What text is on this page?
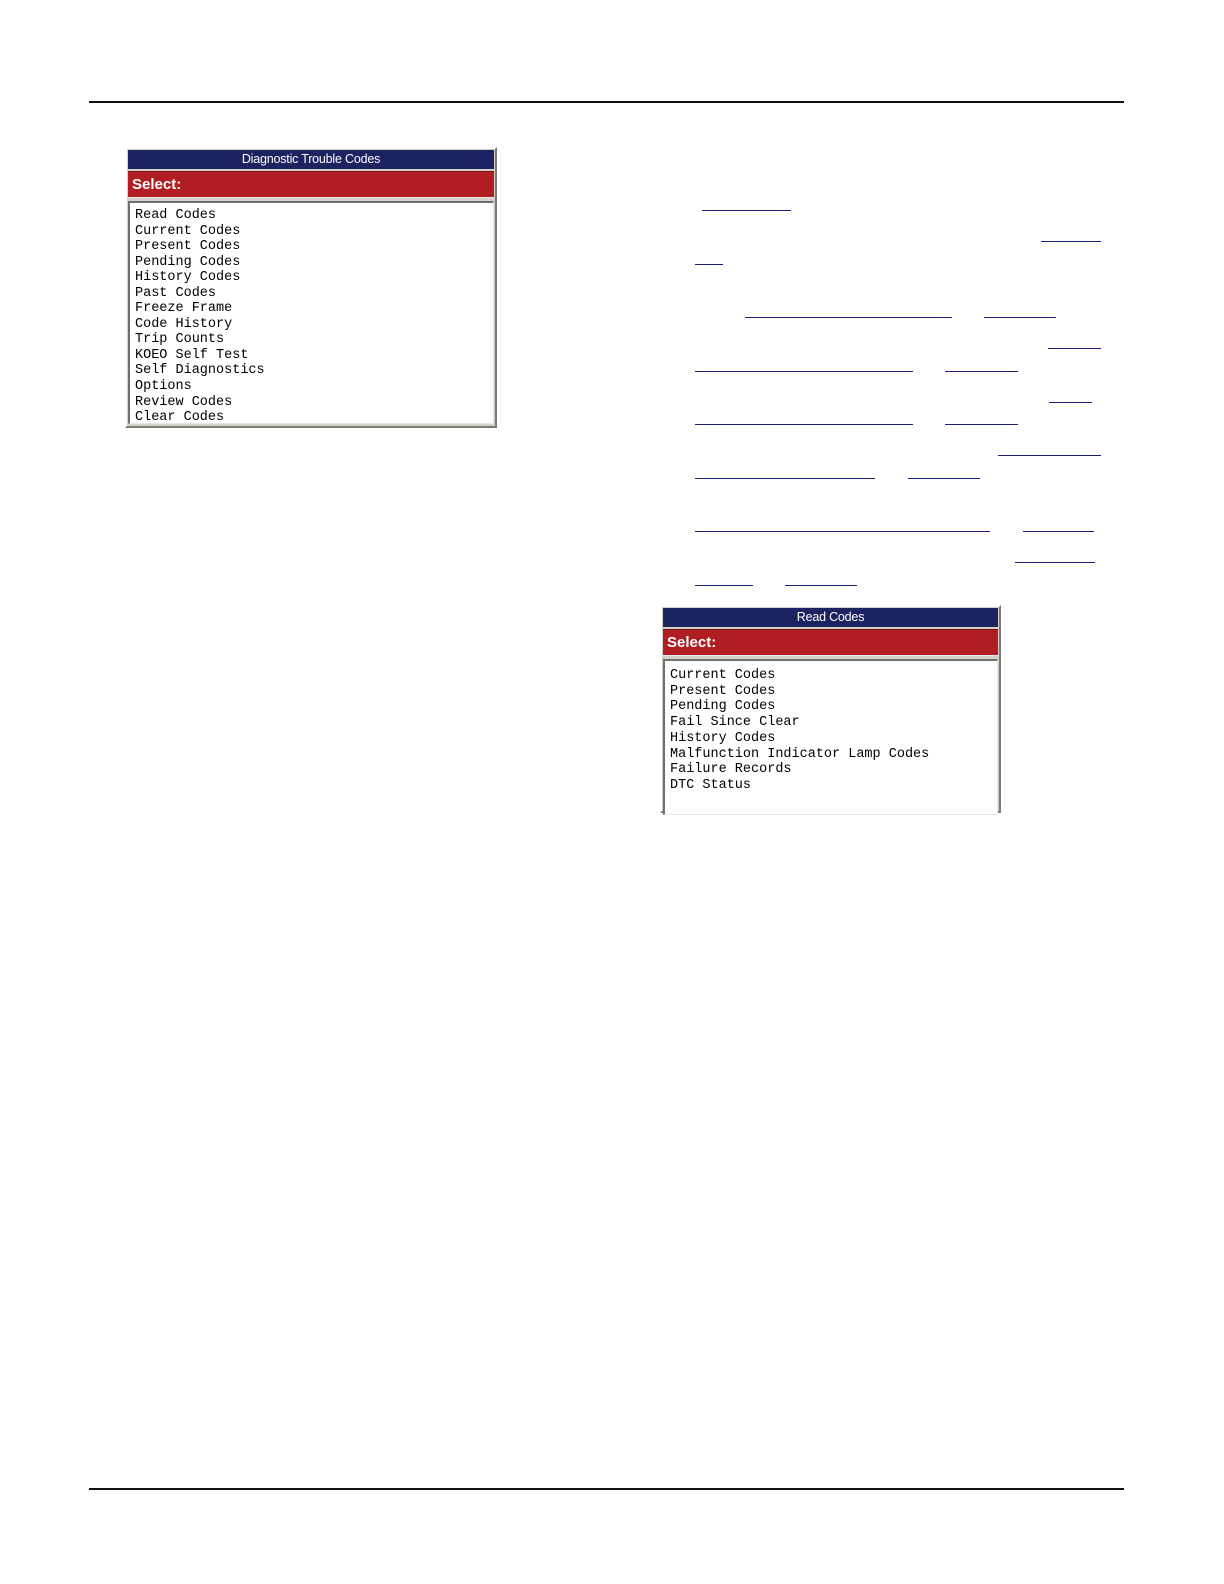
Diagnostic Trouble Codes
Select:
Read Codes
Current Codes
Present Codes
Pending Codes
History Codes
Past Codes
Freeze Frame
Code History
Trip Counts
KOEO Self Test
Self Diagnostics
Options
Review Codes
Clear Codes
Read Codes
Select:
Current Codes
Present Codes
Pending Codes
Fail Since Clear
History Codes
Malfunction Indicator Lamp Codes
Failure Records
DTC Status
